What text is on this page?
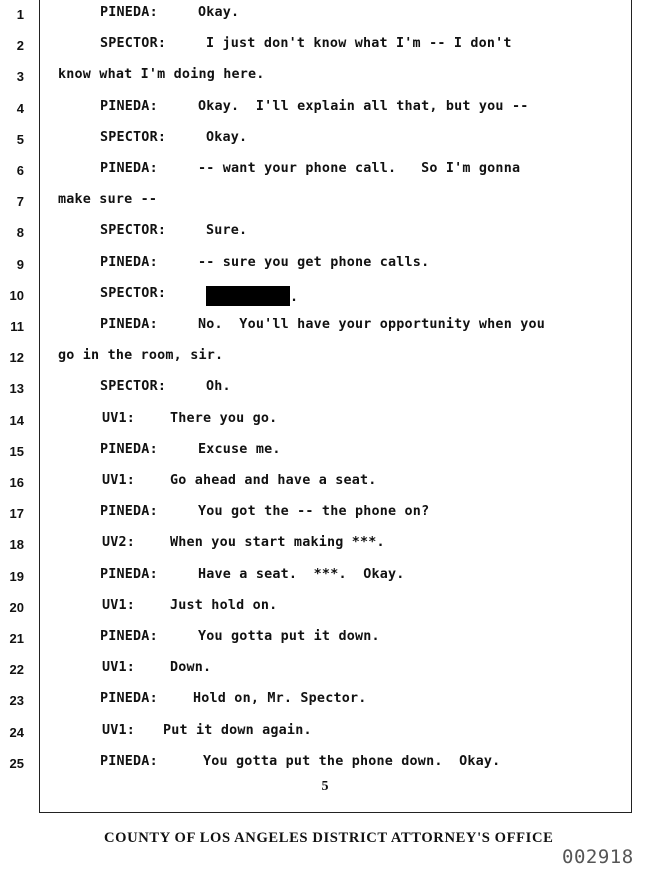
1	PINEDA:	Okay.
2	SPECTOR:	I just don't know what I'm -- I don't
3	know what I'm doing here.
4	PINEDA:	Okay.  I'll explain all that, but you --
5	SPECTOR:	Okay.
6	PINEDA:	-- want your phone call.   So I'm gonna
7	make sure --
8	SPECTOR:	Sure.
9	PINEDA:	-- sure you get phone calls.
10	SPECTOR:	.
11	PINEDA:	No.  You'll have your opportunity when you
12	go in the room, sir.
13	SPECTOR:	Oh.
14	UV1:	There you go.
15	PINEDA:	Excuse me.
16	UV1:	Go ahead and have a seat.
17	PINEDA:	You got the -- the phone on?
18	UV2:	When you start making ***.
19	PINEDA:	Have a seat.  ***.  Okay.
20	UV1:	Just hold on.
21	PINEDA:	You gotta put it down.
22	UV1:	Down.
23	PINEDA:	Hold on, Mr. Spector.
24	UV1: Put it down again.
25	PINEDA:	You gotta put the phone down.  Okay.
5
COUNTY OF LOS ANGELES DISTRICT ATTORNEY'S OFFICE
002918
